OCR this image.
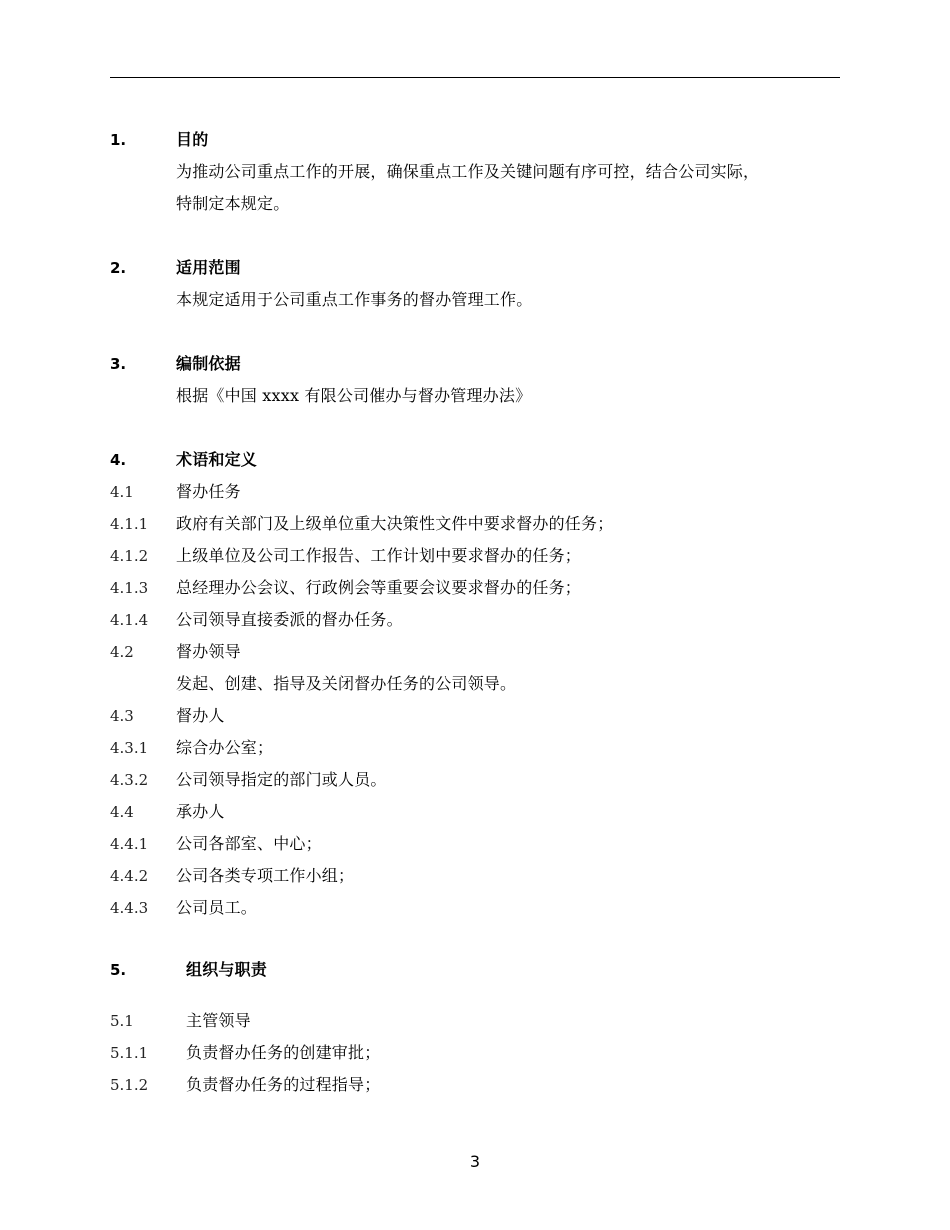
1.	目的
为推动公司重点工作的开展，确保重点工作及关键问题有序可控，结合公司实际，
特制定本规定。
2.	适用范围
本规定适用于公司重点工作事务的督办管理工作。
3.	编制依据
根据《中国 xxxx 有限公司催办与督办管理办法》
4.	术语和定义
4.1	督办任务
4.1.1 政府有关部门及上级单位重大决策性文件中要求督办的任务；
4.1.2 上级单位及公司工作报告、工作计划中要求督办的任务；
4.1.3 总经理办公会议、行政例会等重要会议要求督办的任务；
4.1.4 公司领导直接委派的督办任务。
4.2	督办领导
发起、创建、指导及关闭督办任务的公司领导。
4.3	督办人
4.3.1 综合办公室；
4.3.2 公司领导指定的部门或人员。
4.4	承办人
4.4.1 公司各部室、中心；
4.4.2 公司各类专项工作小组；
4.4.3 公司员工。
5.	组织与职责
5.1	主管领导
5.1.1 负责督办任务的创建审批；
5.1.2 负责督办任务的过程指导；
3
